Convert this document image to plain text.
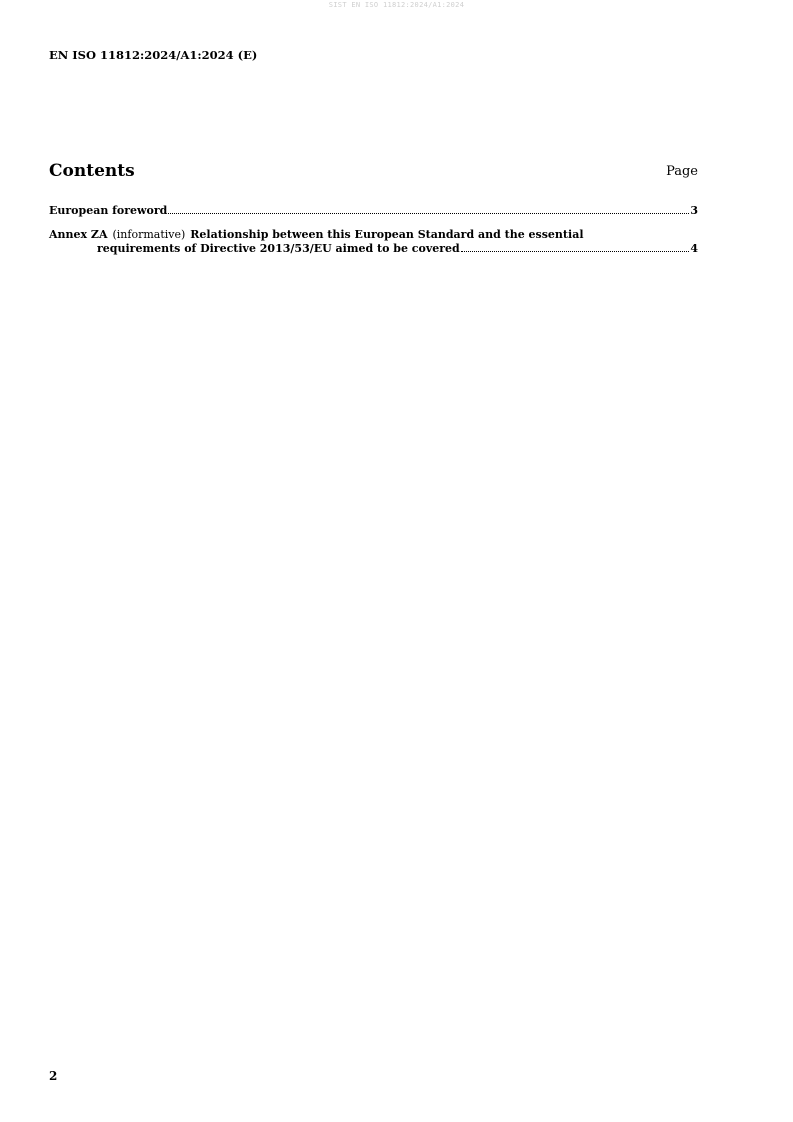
SIST EN ISO 11812:2024/A1:2024
EN ISO 11812:2024/A1:2024 (E)
Contents	Page
European foreword	3
Annex ZA (informative) Relationship between this European Standard and the essential
requirements of Directive 2013/53/EU aimed to be covered	4
2
